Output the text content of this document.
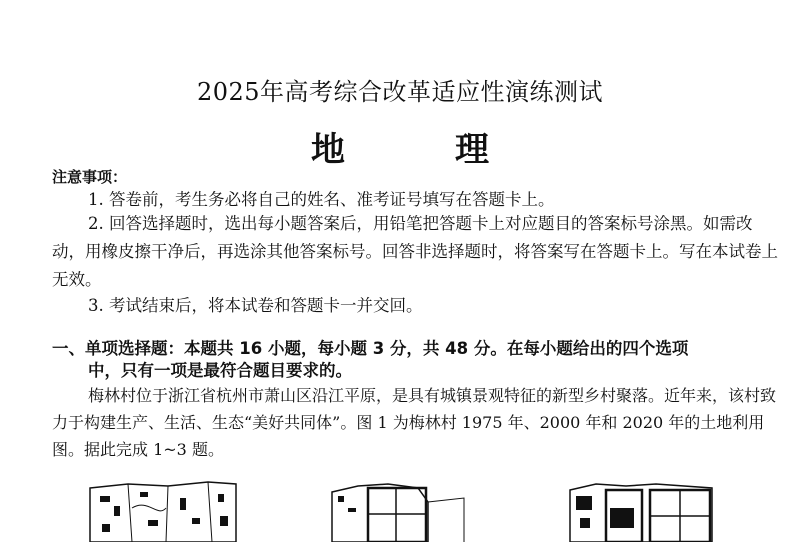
2025年高考综合改革适应性演练测试
地　理
注意事项：

1. 答卷前，考生务必将自己的姓名、准考证号填写在答题卡上。

2. 回答选择题时，选出每小题答案后，用铅笔把答题卡上对应题目的答案标号涂黑。如需改动，用橡皮擦干净后，再选涂其他答案标号。回答非选择题时，将答案写在答题卡上。写在本试卷上无效。

3. 考试结束后，将本试卷和答题卡一并交回。

一、单项选择题：本题共 16 小题，每小题 3 分，共 48 分。在每小题给出的四个选项
中，只有一项是最符合题目要求的。

梅林村位于浙江省杭州市萧山区沿江平原，是具有城镇景观特征的新型乡村聚落。近年来，该村致力于构建生产、生活、生态“美好共同体”。图 1 为梅林村 1975 年、2000 年和 2020 年的土地利用图。据此完成 1~3 题。
